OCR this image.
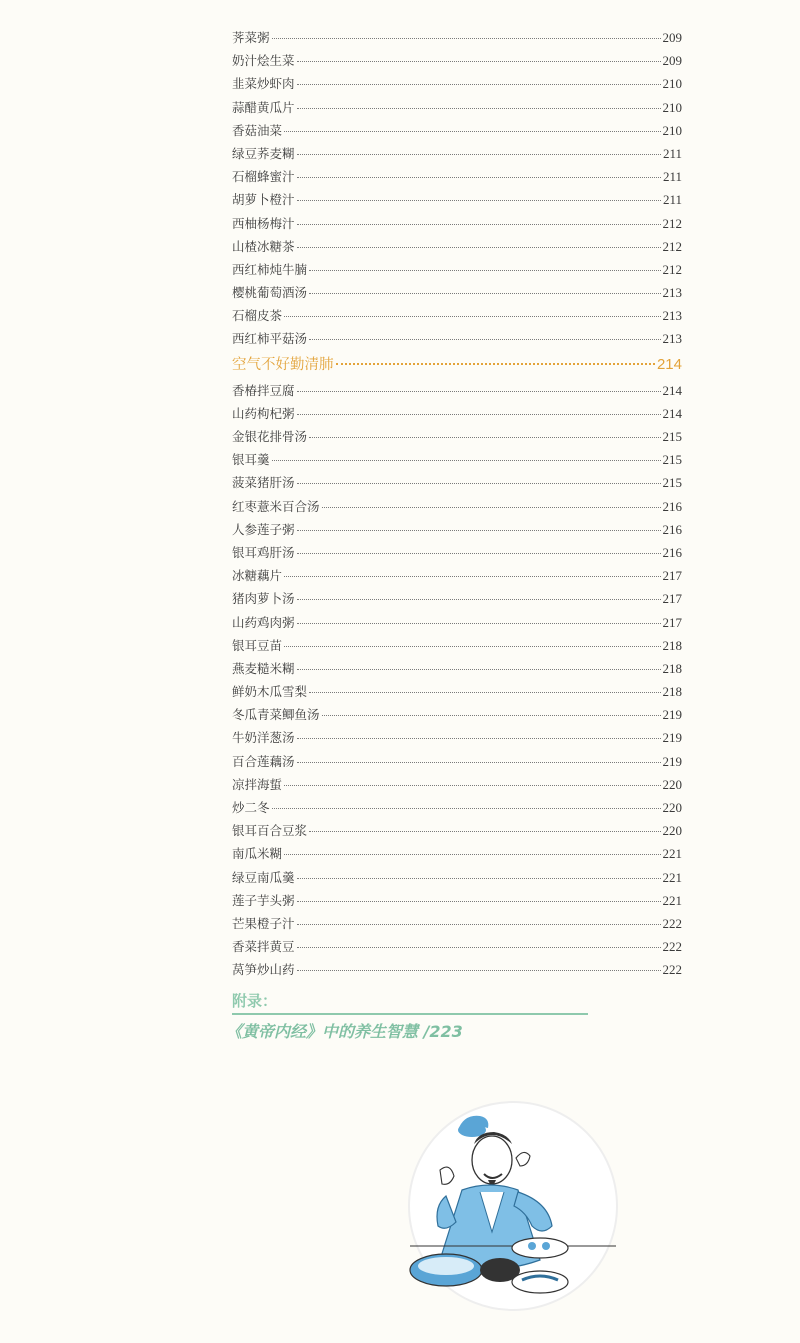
荠菜粥	209
奶汁烩生菜	209
韭菜炒虾肉	210
蒜醋黄瓜片	210
香菇油菜	210
绿豆荞麦糊	211
石榴蜂蜜汁	211
胡萝卜橙汁	211
西柚杨梅汁	212
山楂冰糖茶	212
西红柿炖牛腩	212
樱桃葡萄酒汤	213
石榴皮茶	213
西红柿平菇汤	213
空气不好勤清肺	214
香椿拌豆腐	214
山药枸杞粥	214
金银花排骨汤	215
银耳羹	215
菠菜猪肝汤	215
红枣薏米百合汤	216
人参莲子粥	216
银耳鸡肝汤	216
冰糖藕片	217
猪肉萝卜汤	217
山药鸡肉粥	217
银耳豆苗	218
燕麦糙米糊	218
鲜奶木瓜雪梨	218
冬瓜青菜鲫鱼汤	219
牛奶洋葱汤	219
百合莲藕汤	219
凉拌海蜇	220
炒二冬	220
银耳百合豆浆	220
南瓜米糊	221
绿豆南瓜羹	221
莲子芋头粥	221
芒果橙子汁	222
香菜拌黄豆	222
莴笋炒山药	222
附录：
《黄帝内经》中的养生智慧 /223
